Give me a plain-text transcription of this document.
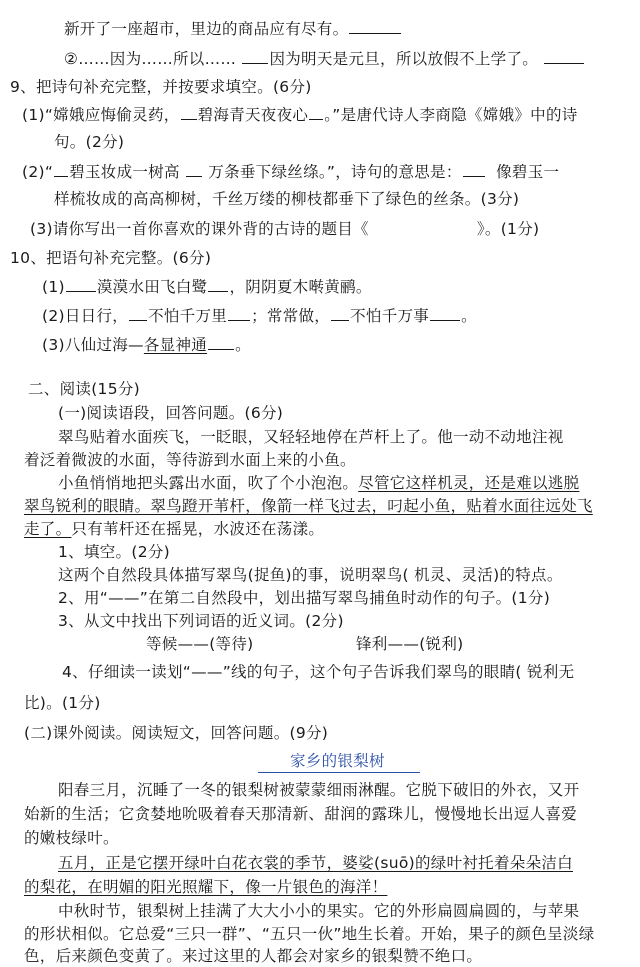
新开了一座超市，里边的商品应有尽有。
②……因为……所以…… 因为明天是元旦，所以放假不上学了。
9、把诗句补充完整，并按要求填空。(6分)
(1)“嫦娥应悔偷灵药， 碧海青天夜夜心 。”是唐代诗人李商隐《嫦娥》中的诗
句。(2分)
(2)“ 碧玉妆成一树高 万条垂下绿丝绦。”，诗句的意思是： 像碧玉一
样梳妆成的高高柳树，千丝万缕的柳枝都垂下了绿色的丝条。(3分)
(3)请你写出一首你喜欢的课外背的古诗的题目《	》。(1分)
10、把语句补充完整。(6分)
(1) 漠漠水田飞白鹭 ，阴阴夏木啭黄鹂。
(2)日日行， 不怕千万里 ；常常做， 不怕千万事 。
(3)八仙过海—各显神通 。
二、阅读(15分)
(一)阅读语段，回答问题。(6分)
翠鸟贴着水面疾飞，一眨眼，又轻轻地停在芦杆上了。他一动不动地注视
着泛着微波的水面，等待游到水面上来的小鱼。
小鱼悄悄地把头露出水面，吹了个小泡泡。尽管它这样机灵，还是难以逃脱
翠鸟锐利的眼睛。翠鸟蹬开苇杆，像箭一样飞过去，叼起小鱼，贴着水面往远处飞
走了。只有苇杆还在摇晃，水波还在荡漾。
1、填空。(2分)
这两个自然段具体描写翠鸟(捉鱼)的事，说明翠鸟( 机灵、灵活)的特点。
2、用“——”在第二自然段中，划出描写翠鸟捕鱼时动作的句子。(1分)
3、从文中找出下列词语的近义词。(2分)
等候——(等待)	锋利——(锐利)
4、仔细读一读划“——”线的句子，这个句子告诉我们翠鸟的眼睛( 锐利无
比)。(1分)
(二)课外阅读。阅读短文，回答问题。(9分)
家乡的银梨树
阳春三月，沉睡了一冬的银梨树被蒙蒙细雨淋醒。它脱下破旧的外衣，又开
始新的生活；它贪婪地吮吸着春天那清新、甜润的露珠儿，慢慢地长出逗人喜爱
的嫩枝绿叶。
五月，正是它摆开绿叶白花衣裳的季节，婆娑(suō)的绿叶衬托着朵朵洁白
的梨花，在明媚的阳光照耀下，像一片银色的海洋！
中秋时节，银梨树上挂满了大大小小的果实。它的外形扁圆扁圆的，与苹果
的形状相似。它总爱“三只一群”、“五只一伙”地生长着。开始，果子的颜色呈淡绿
色，后来颜色变黄了。来过这里的人都会对家乡的银梨赞不绝口。
